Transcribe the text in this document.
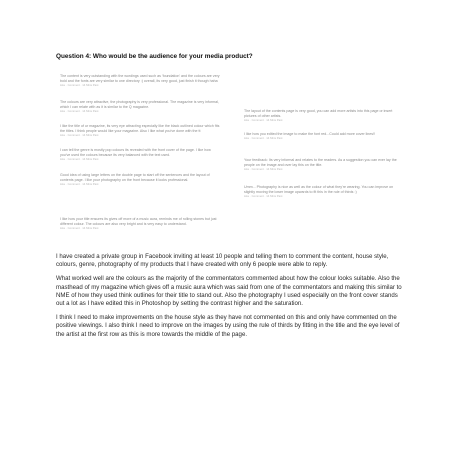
Question 4: Who would be the audience for your media product?
The content is very outstanding with the wordings used such as 'foundation' and the colours are very bold and the fonts are very similar to one directory :) overall, its very good, just finish it though haha
Like · Comment · 14 Mins Past
The colours are very attractive, the photography is very professional. The magazine is very informal, which I can relate with as it is similar to the Q magazine.
Like · Comment · 14 Mins Past
I like the title of ur magazine, its very eye attracting especially like the black outlined colour which fits the titles. I think people would like your magazine. Also I like what you've done with the tt
Like · Comment · 14 Mins Past
I can tell the genre is mostly pop colours its revealed with the front cover of the page. I like how you've used the colours because its very balanced with the text used.
Like · Comment · 14 Mins Past
Good idea of using large letters on the double page to start off the sentences and the layout of contents page. I like your photography on the front because it looks professional.
Like · Comment · 14 Mins Past
I like how your title ensures its gives off more of a music aura, reminds me of rolling stones but just different colour. The colours are also very bright and is very easy to understand.
Like · Comment · 14 Mins Past
The layout of the contents page is very good, you can add more artists into this page or insert pictures of other artists.
Like · Comment · 14 Mins Past
I like how you edited the image to make the font red...Could add more cover lines!!
Like · Comment · 14 Mins Past
Your feedback: Its very informal and relates to the readers. As a suggestion you can ever lay the people on the image and over lay this on the title.
Like · Comment · 14 Mins Past
Umm... Photography is nice as well as the colour of what they're wearing. You can improve on slightly moving the lower image upwards to fit this in the rule of thirds :)
Like · Comment · 14 Mins Past

I have created a private group in Facebook inviting at least 10 people and telling them to comment the content, house style, colours, genre, photography of my products that I have created with only 6 people were able to reply.

What worked well are the colours as the majority of the commentators commented about how the colour looks suitable. Also the masthead of my magazine which gives off a music aura which was said from one of the commentators and making this similar to NME of how they used think outlines for their title to stand out. Also the photography I used especially on the front cover stands out a lot as I have edited this in Photoshop by setting the contrast higher and the saturation.

I think I need to make improvements on the house style as they have not commented on this and only have commented on the positive viewings. I also think I need to improve on the images by using the rule of thirds by fitting in the title and the eye level of the artist at the first row as this is more towards the middle of the page.
